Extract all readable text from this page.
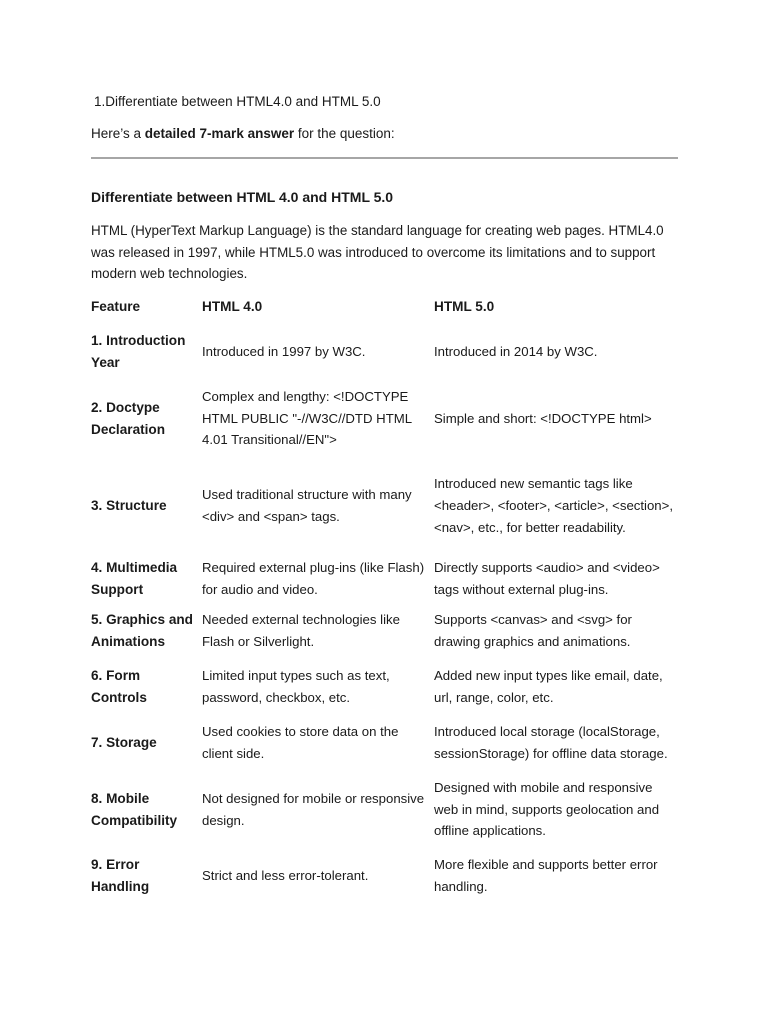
1.Differentiate between HTML4.0 and HTML 5.0
Here’s a detailed 7-mark answer for the question:
Differentiate between HTML 4.0 and HTML 5.0
HTML (HyperText Markup Language) is the standard language for creating web pages. HTML4.0 was released in 1997, while HTML5.0 was introduced to overcome its limitations and to support modern web technologies.
Feature	HTML 4.0	HTML 5.0
1. Introduction Year	Introduced in 1997 by W3C.	Introduced in 2014 by W3C.
2. Doctype Declaration	Complex and lengthy: <!DOCTYPE HTML PUBLIC "-//W3C//DTD HTML 4.01 Transitional//EN">	Simple and short: <!DOCTYPE html>
3. Structure	Used traditional structure with many <div> and <span> tags.	Introduced new semantic tags like <header>, <footer>, <article>, <section>, <nav>, etc., for better readability.
4. Multimedia Support	Required external plug-ins (like Flash) for audio and video.	Directly supports <audio> and <video> tags without external plug-ins.
5. Graphics and Animations	Needed external technologies like Flash or Silverlight.	Supports <canvas> and <svg> for drawing graphics and animations.
6. Form Controls	Limited input types such as text, password, checkbox, etc.	Added new input types like email, date, url, range, color, etc.
7. Storage	Used cookies to store data on the client side.	Introduced local storage (localStorage, sessionStorage) for offline data storage.
8. Mobile Compatibility	Not designed for mobile or responsive design.	Designed with mobile and responsive web in mind, supports geolocation and offline applications.
9. Error Handling	Strict and less error-tolerant.	More flexible and supports better error handling.
